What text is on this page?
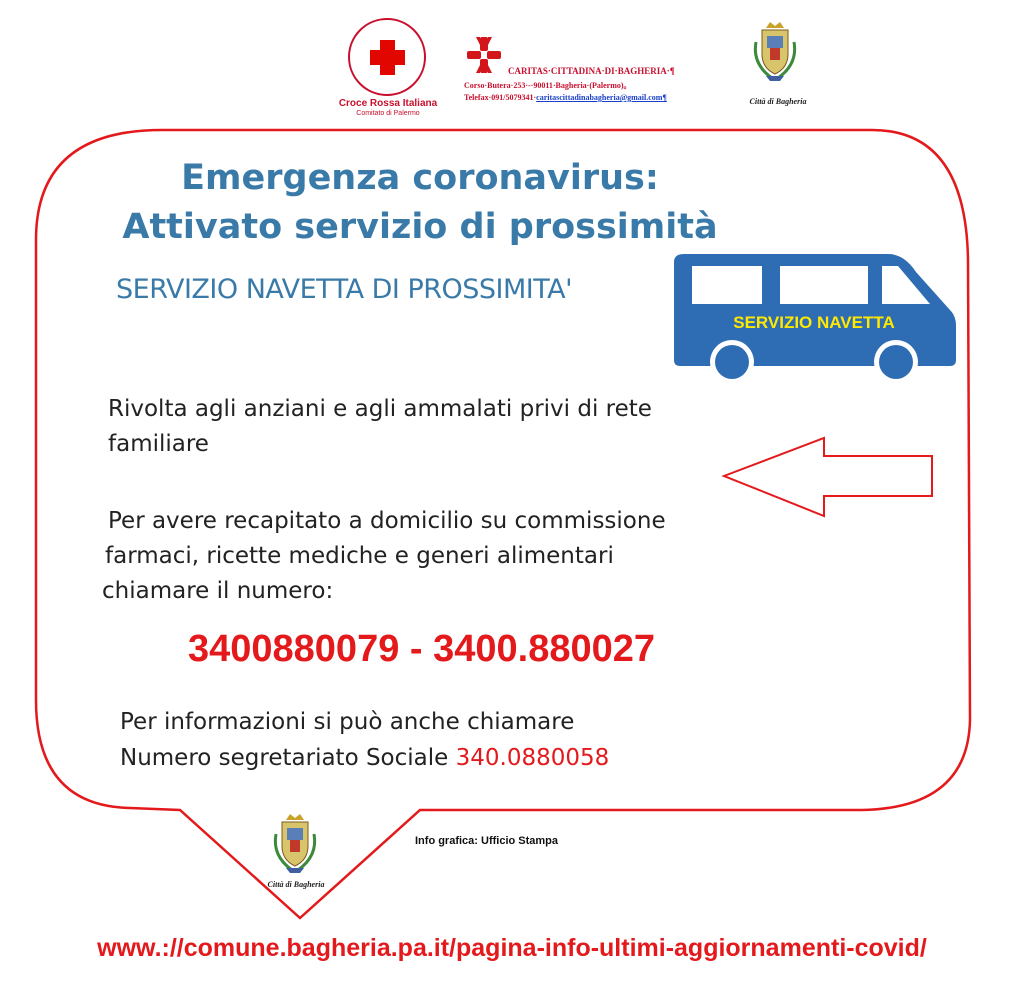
Croce Rossa Italiana
Comitato di Palermo
CARITAS·CITTADINA·DI·BAGHERIA·¶
Corso·Butera·253·-·90011·Bagheria·(Palermo)。
Telefax·091/5079341·caritascittadinabagheria@gmail.com¶	Città di Bagheria
Emergenza coronavirus:
Attivato servizio di prossimità
SERVIZIO NAVETTA DI PROSSIMITA'
SERVIZIO NAVETTA
Rivolta agli anziani e agli ammalati privi di rete
familiare
Per avere recapitato a domicilio su commissione
farmaci, ricette mediche e generi alimentari
chiamare il numero:
3400880079 - 3400.880027
Per informazioni si può anche chiamare
Numero segretariato Sociale 340.0880058
Città di Bagheria
Info grafica: Ufficio Stampa
www.://comune.bagheria.pa.it/pagina-info-ultimi-aggiornamenti-covid/
